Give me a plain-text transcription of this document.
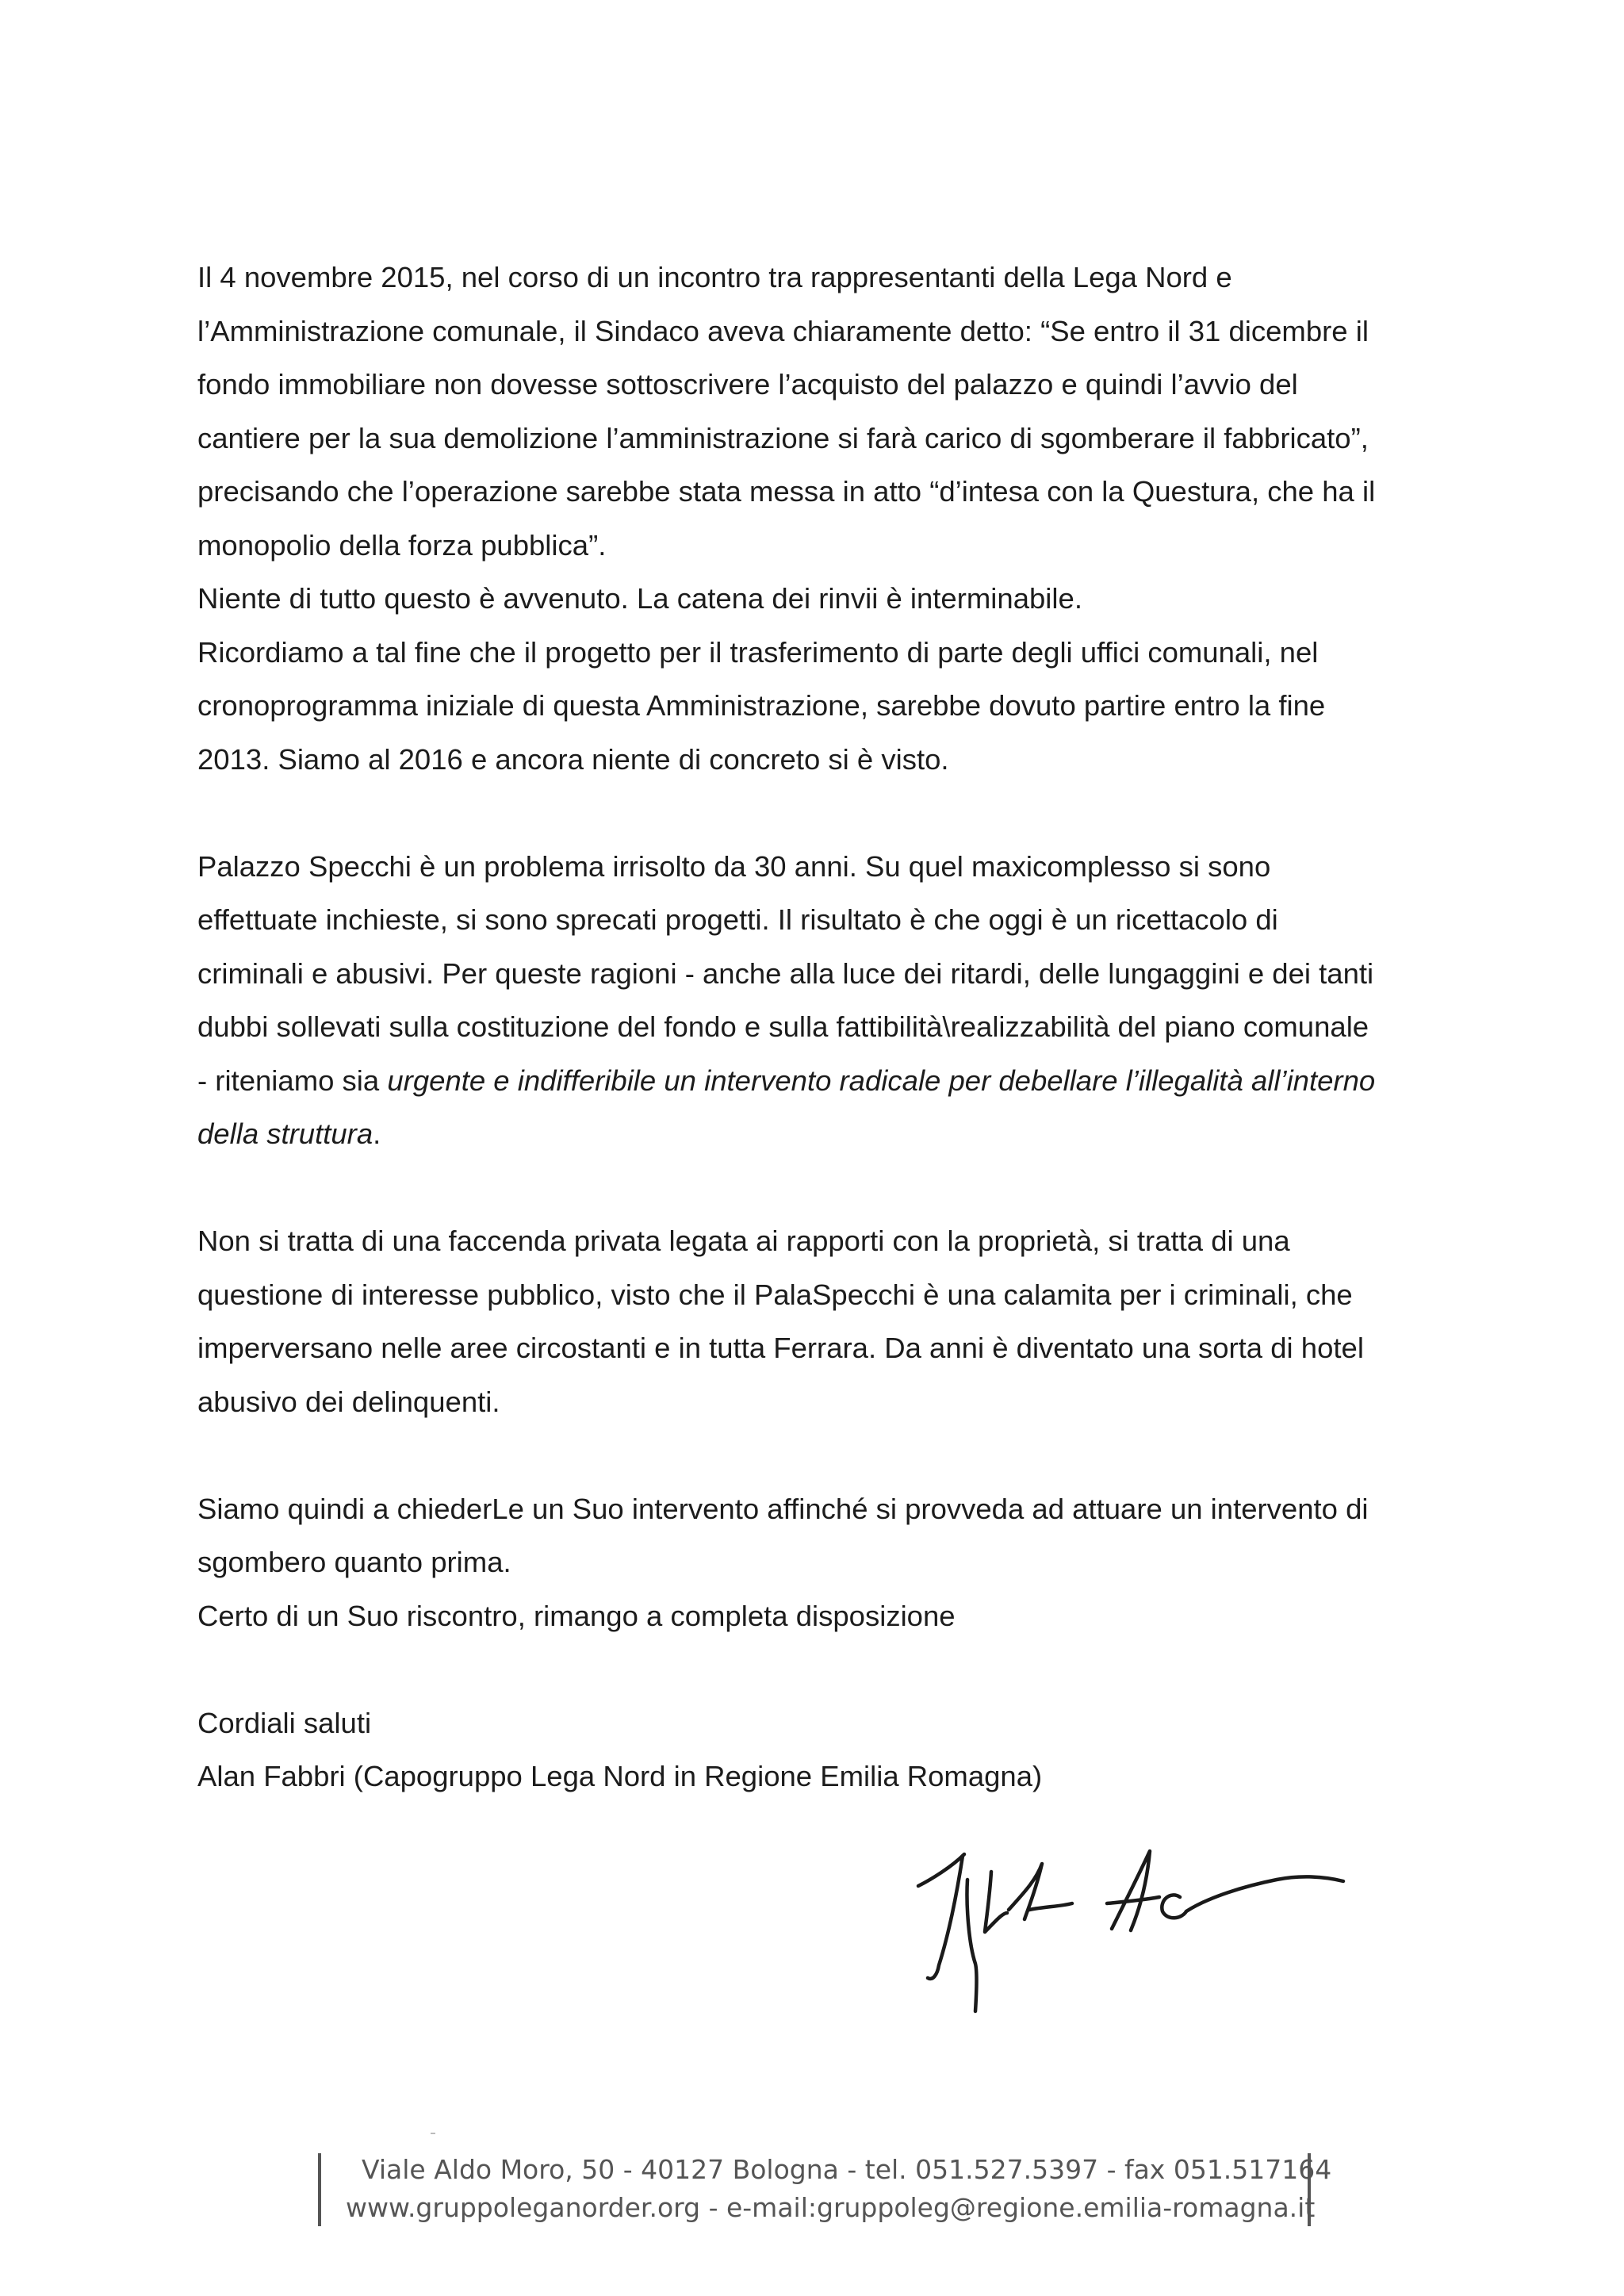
Il 4 novembre 2015, nel corso di un incontro tra rappresentanti della Lega Nord e

l’Amministrazione comunale, il Sindaco aveva chiaramente detto: “Se entro il 31 dicembre il

fondo immobiliare non dovesse sottoscrivere l’acquisto del palazzo e quindi l’avvio del

cantiere per la sua demolizione l’amministrazione si farà carico di sgomberare il fabbricato”,

precisando che l’operazione sarebbe stata messa in atto “d’intesa con la Questura, che ha il

monopolio della forza pubblica”.

Niente di tutto questo è avvenuto. La catena dei rinvii è interminabile.

Ricordiamo a tal fine che il progetto per il trasferimento di parte degli uffici comunali, nel

cronoprogramma iniziale di questa Amministrazione, sarebbe dovuto partire entro la fine

2013. Siamo al 2016 e ancora niente di concreto si è visto.

Palazzo Specchi è un problema irrisolto da 30 anni. Su quel maxicomplesso si sono

effettuate inchieste, si sono sprecati progetti. Il risultato è che oggi è un ricettacolo di

criminali e abusivi. Per queste ragioni - anche alla luce dei ritardi, delle lungaggini e dei tanti

dubbi sollevati sulla costituzione del fondo e sulla fattibilità\realizzabilità del piano comunale

- riteniamo sia urgente e indifferibile un intervento radicale per debellare l’illegalità all’interno

della struttura.

Non si tratta di una faccenda privata legata ai rapporti con la proprietà, si tratta di una

questione di interesse pubblico, visto che il PalaSpecchi è una calamita per i criminali, che

imperversano nelle aree circostanti e in tutta Ferrara. Da anni è diventato una sorta di hotel

abusivo dei delinquenti.

Siamo quindi a chiederLe un Suo intervento affinché si provveda ad attuare un intervento di

sgombero quanto prima.

Certo di un Suo riscontro, rimango a completa disposizione

Cordiali saluti

Alan Fabbri (Capogruppo Lega Nord in Regione Emilia Romagna)

Viale Aldo Moro, 50 - 40127 Bologna - tel. 051.527.5397 - fax 051.517164
www.gruppoleganorder.org - e-mail:gruppoleg@regione.emilia-romagna.it
